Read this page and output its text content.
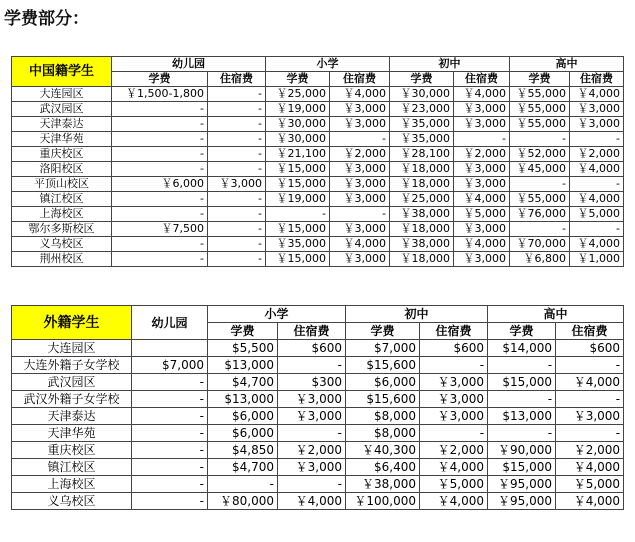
学费部分：
中国籍学生	幼儿园		小学		初中		高中	
	学费	住宿费	学费	住宿费	学费	住宿费	学费	住宿费
大连园区	￥1,500-1,800	-	￥25,000	￥4,000	￥30,000	￥4,000	￥55,000	￥4,000
武汉园区	-	-	￥19,000	￥3,000	￥23,000	￥3,000	￥55,000	￥3,000
天津泰达	-	-	￥30,000	￥3,000	￥35,000	￥3,000	￥55,000	￥3,000
天津华苑	-	-	￥30,000	-	￥35,000	-	-	-
重庆校区	-	-	￥21,100	￥2,000	￥28,100	￥2,000	￥52,000	￥2,000
洛阳校区	-	-	￥15,000	￥3,000	￥18,000	￥3,000	￥45,000	￥4,000
平顶山校区	￥6,000	￥3,000	￥15,000	￥3,000	￥18,000	￥3,000	-	-
镇江校区	-	-	￥19,000	￥3,000	￥25,000	￥4,000	￥55,000	￥4,000
上海校区	-	-	-	-	￥38,000	￥5,000	￥76,000	￥5,000
鄂尔多斯校区	￥7,500	-	￥15,000	￥3,000	￥18,000	￥3,000	-	-
义乌校区	-	-	￥35,000	￥4,000	￥38,000	￥4,000	￥70,000	￥4,000
荆州校区	-	-	￥15,000	￥3,000	￥18,000	￥3,000	￥6,800	￥1,000
外籍学生	幼儿园	小学		初中		高中	
		学费	住宿费	学费	住宿费	学费	住宿费
大连园区		$5,500	$600	$7,000	$600	$14,000	$600
大连外籍子女学校	$7,000	$13,000	-	$15,600	-	-	-
武汉园区	-	$4,700	$300	$6,000	￥3,000	$15,000	￥4,000
武汉外籍子女学校	-	$13,000	￥3,000	$15,600	￥3,000	-	-
天津泰达	-	$6,000	￥3,000	$8,000	￥3,000	$13,000	￥3,000
天津华苑	-	$6,000	-	$8,000	-	-	-
重庆校区	-	$4,850	￥2,000	￥40,300	￥2,000	￥90,000	￥2,000
镇江校区	-	$4,700	￥3,000	$6,400	￥4,000	$15,000	￥4,000
上海校区	-	-	-	￥38,000	￥5,000	￥95,000	￥5,000
义乌校区	-	￥80,000	￥4,000	￥100,000	￥4,000	￥95,000	￥4,000
